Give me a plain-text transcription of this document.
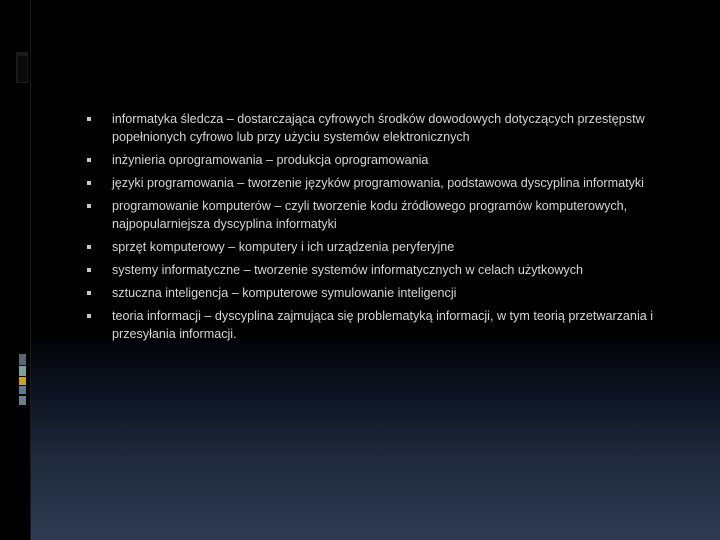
informatyka śledcza – dostarczająca cyfrowych środków dowodowych dotyczących przestępstw popełnionych cyfrowo lub przy użyciu systemów elektronicznych
inżynieria oprogramowania – produkcja oprogramowania
języki programowania – tworzenie języków programowania, podstawowa dyscyplina informatyki
programowanie komputerów – czyli tworzenie kodu źródłowego programów komputerowych, najpopularniejsza dyscyplina informatyki
sprzęt komputerowy – komputery i ich urządzenia peryferyjne
systemy informatyczne – tworzenie systemów informatycznych w celach użytkowych
sztuczna inteligencja – komputerowe symulowanie inteligencji
teoria informacji – dyscyplina zajmująca się problematyką informacji, w tym teorią przetwarzania i przesyłania informacji.
